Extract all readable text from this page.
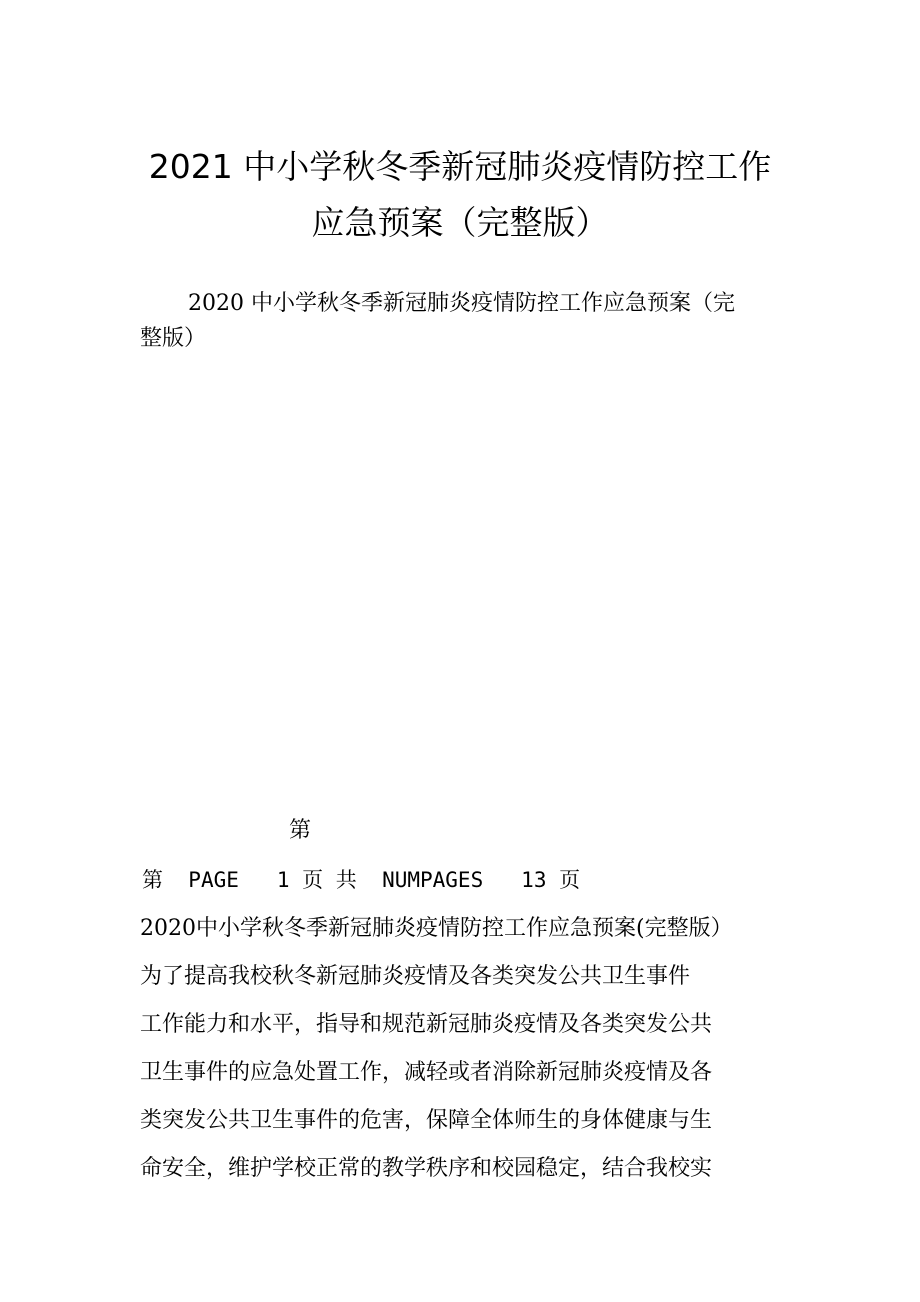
2021 中小学秋冬季新冠肺炎疫情防控工作
应急预案（完整版）

2020 中小学秋冬季新冠肺炎疫情防控工作应急预案（完
整版）

第
第 PAGE 1 页 共 NUMPAGES 13 页
2020中小学秋冬季新冠肺炎疫情防控工作应急预案(完整版）
为了提高我校秋冬新冠肺炎疫情及各类突发公共卫生事件
工作能力和水平，指导和规范新冠肺炎疫情及各类突发公共
卫生事件的应急处置工作，减轻或者消除新冠肺炎疫情及各
类突发公共卫生事件的危害，保障全体师生的身体健康与生
命安全，维护学校正常的教学秩序和校园稳定，结合我校实
